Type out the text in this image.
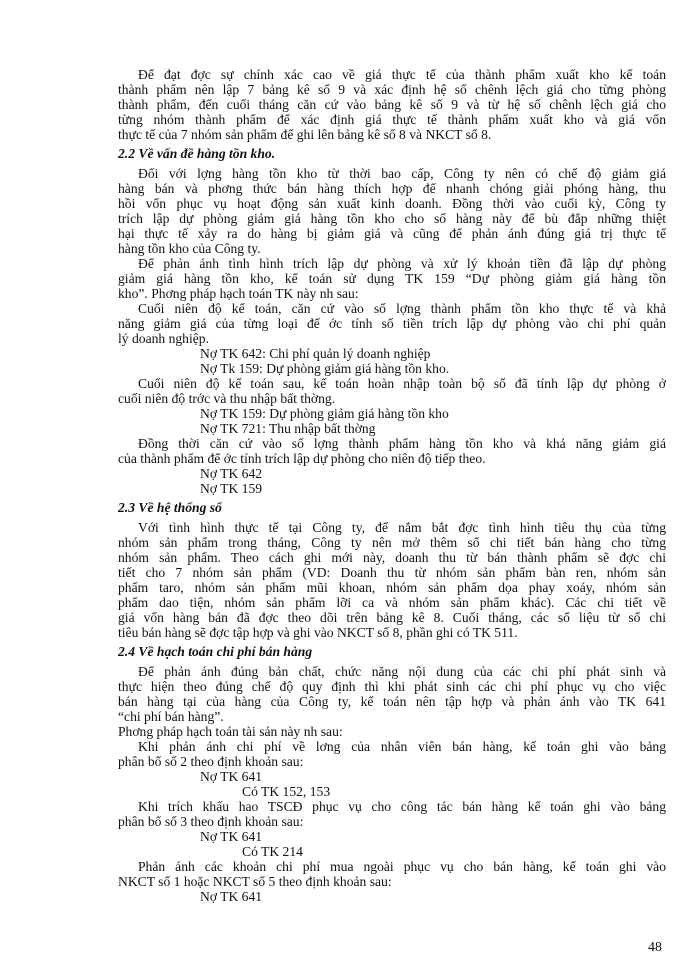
Để đạt đợc sự chính xác cao về giá thực tế của thành phẩm xuất kho kế toán
thành phẩm nên lập 7 bảng kê số 9 và xác định hệ số chênh lệch giá cho từng phòng
thành phẩm, đến cuối tháng căn cứ vào bảng kê số 9 và từ hệ số chênh lệch giá cho
từng nhóm thành phẩm để xác định giá thực tế thành phẩm xuất kho và giá vốn
thực tế của 7 nhóm sản phẩm để ghi lên bảng kê số 8 và NKCT số 8.
2.2 Về vấn đề hàng tồn kho.
Đối với lợng hàng tồn kho từ thời bao cấp, Công ty nên có chế độ giảm giá
hàng bán và phơng thức bán hàng thích hợp để nhanh chóng giải phóng hàng, thu
hồi vốn phục vụ hoạt động sản xuất kinh doanh. Đồng thời vào cuối kỳ, Công ty
trích lập dự phòng giảm giá hàng tồn kho cho số hàng này để bù đắp những thiệt
hại thực tế xảy ra do hàng bị giảm giá và cũng để phản ánh đúng giá trị thực tế
hàng tồn kho của Công ty.
Để phản ánh tình hình trích lập dự phòng và xử lý khoản tiền đã lập dự phòng
giảm giá hàng tồn kho, kế toán sử dụng TK 159 “Dự phòng giảm giá hàng tồn
kho”. Phơng pháp hạch toán TK này nh sau:
Cuối niên độ kế toán, căn cứ vào số lợng thành phẩm tồn kho thực tế và khả
năng giảm giá của từng loại để ớc tính số tiền trích lập dự phòng vào chi phí quản
lý doanh nghiệp.
Nợ TK 642: Chi phí quản lý doanh nghiệp
Nợ Tk 159: Dự phòng giảm giá hàng tồn kho.
Cuối niên độ kế toán sau, kế toán hoàn nhập toàn bộ số đã tính lập dự phòng ở
cuối niên độ trớc và thu nhập bất thờng.
Nợ TK 159: Dự phòng giảm giá hàng tồn kho
Nợ TK 721: Thu nhập bất thờng
Đồng thời căn cứ vào số lợng thành phẩm hàng tồn kho và khả năng giảm giá
của thành phẩm để ớc tính trích lập dự phòng cho niên độ tiếp theo.
Nợ TK 642
Nợ TK 159
2.3 Về hệ thống sổ
Với tình hình thực tế tại Công ty, để nắm bắt đợc tình hình tiêu thụ của từng
nhóm sản phẩm trong tháng, Công ty nên mở thêm sổ chi tiết bán hàng cho từng
nhóm sản phẩm. Theo cách ghi mới này, doanh thu từ bán thành phẩm sẽ đợc chi
tiết cho 7 nhóm sản phẩm (VD: Doanh thu từ nhóm sản phẩm bàn ren, nhóm sản
phẩm taro, nhóm sản phẩm mũi khoan, nhóm sản phẩm dọa phay xoáy, nhóm sản
phẩm dao tiện, nhóm sản phẩm lỡi ca và nhóm sản phẩm khác). Các chi tiết về
giá vốn hàng bán đã đợc theo dõi trên bảng kê 8. Cuối tháng, các sổ liệu từ sổ chi
tiêu bán hàng sẽ đợc tập hợp và ghi vào NKCT số 8, phần ghi có TK 511.
2.4 Về hạch toán chi phí bán hàng
Để phản ánh đúng bản chất, chức năng nội dung của các chi phí phát sinh và
thực hiện theo đúng chế độ quy định thì khi phát sinh các chi phí phục vụ cho việc
bán hàng tại của hàng của Công ty, kế toán nên tập hợp và phản ánh vào TK 641
“chi phí bán hàng”.
Phơng pháp hạch toán tài sản này nh sau:
Khi phản ánh chi phí về lơng của nhân viên bán hàng, kế toán ghi vào bảng
phân bổ số 2 theo định khoản sau:
Nợ TK 641
Có TK 152, 153
Khi trích khấu hao TSCĐ phục vụ cho công tác bán hàng kế toán ghi vào bảng
phân bổ số 3 theo định khoản sau:
Nợ TK 641
Có TK 214
Phản ánh các khoản chi phí mua ngoài phục vụ cho bán hàng, kế toán ghi vào
NKCT số 1 hoặc NKCT số 5 theo định khoản sau:
Nợ TK 641
48
